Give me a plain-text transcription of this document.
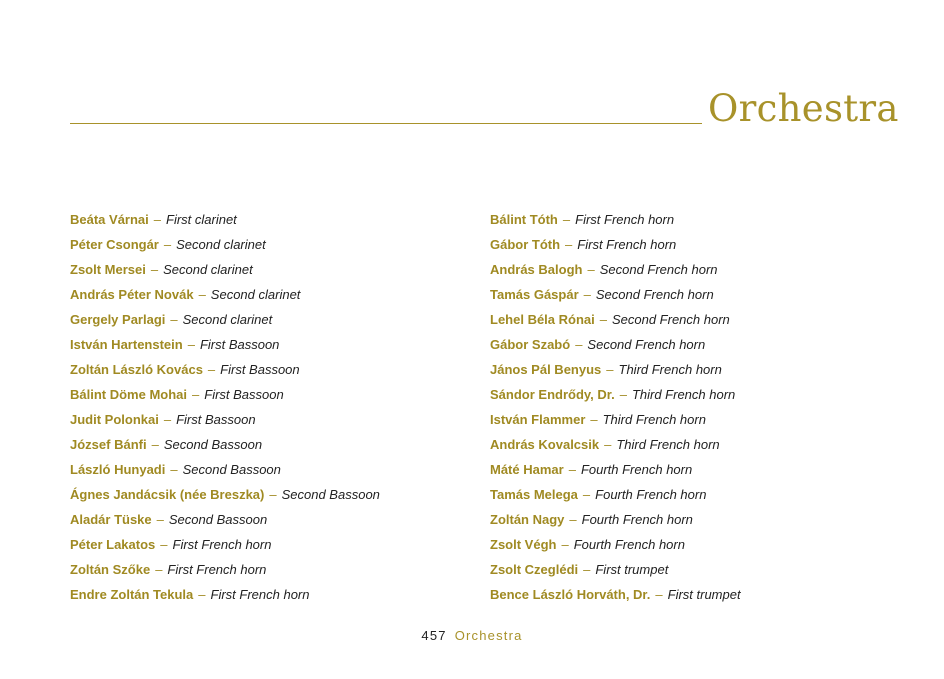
Orchestra
Beáta Várnai – First clarinet
Péter Csongár – Second clarinet
Zsolt Mersei – Second clarinet
András Péter Novák – Second clarinet
Gergely Parlagi – Second clarinet
István Hartenstein – First Bassoon
Zoltán László Kovács – First Bassoon
Bálint Döme Mohai – First Bassoon
Judit Polonkai – First Bassoon
József Bánfi – Second Bassoon
László Hunyadi – Second Bassoon
Ágnes Jandácsik (née Breszka) – Second Bassoon
Aladár Tüske – Second Bassoon
Péter Lakatos – First French horn
Zoltán Szőke – First French horn
Endre Zoltán Tekula – First French horn
Bálint Tóth – First French horn
Gábor Tóth – First French horn
András Balogh – Second French horn
Tamás Gáspár – Second French horn
Lehel Béla Rónai – Second French horn
Gábor Szabó – Second French horn
János Pál Benyus – Third French horn
Sándor Endrődy, Dr. – Third French horn
István Flammer – Third French horn
András Kovalcsik – Third French horn
Máté Hamar – Fourth French horn
Tamás Melega – Fourth French horn
Zoltán Nagy – Fourth French horn
Zsolt Végh – Fourth French horn
Zsolt Czeglédi – First trumpet
Bence László Horváth, Dr. – First trumpet
457 Orchestra
